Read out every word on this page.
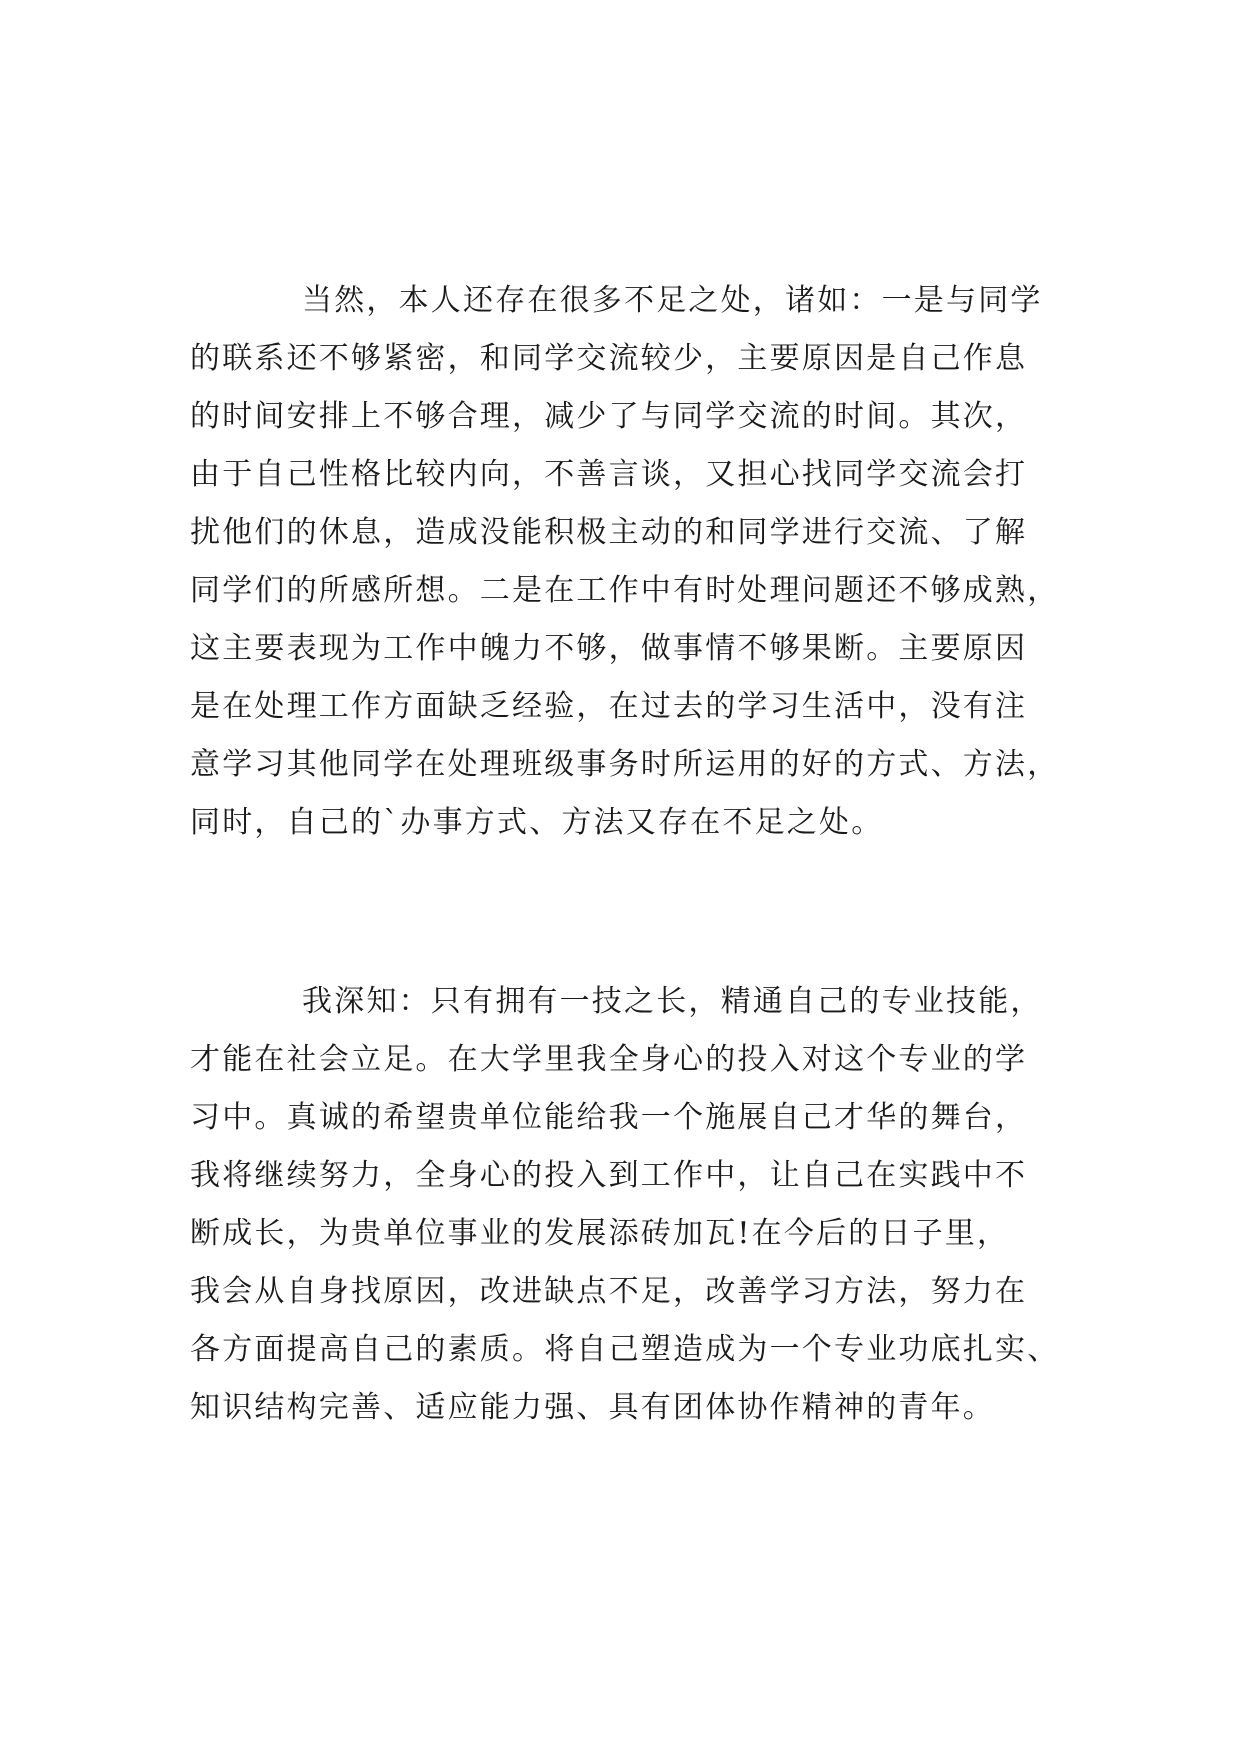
当然，本人还存在很多不足之处，诸如：一是与同学
的联系还不够紧密，和同学交流较少，主要原因是自己作息
的时间安排上不够合理，减少了与同学交流的时间。其次，
由于自己性格比较内向，不善言谈，又担心找同学交流会打
扰他们的休息，造成没能积极主动的和同学进行交流、了解
同学们的所感所想。二是在工作中有时处理问题还不够成熟，
这主要表现为工作中魄力不够，做事情不够果断。主要原因
是在处理工作方面缺乏经验，在过去的学习生活中，没有注
意学习其他同学在处理班级事务时所运用的好的方式、方法，
同时，自己的`办事方式、方法又存在不足之处。
我深知：只有拥有一技之长，精通自己的专业技能，
才能在社会立足。在大学里我全身心的投入对这个专业的学
习中。真诚的希望贵单位能给我一个施展自己才华的舞台，
我将继续努力，全身心的投入到工作中，让自己在实践中不
断成长，为贵单位事业的发展添砖加瓦!在今后的日子里，
我会从自身找原因，改进缺点不足，改善学习方法，努力在
各方面提高自己的素质。将自己塑造成为一个专业功底扎实、
知识结构完善、适应能力强、具有团体协作精神的青年。
